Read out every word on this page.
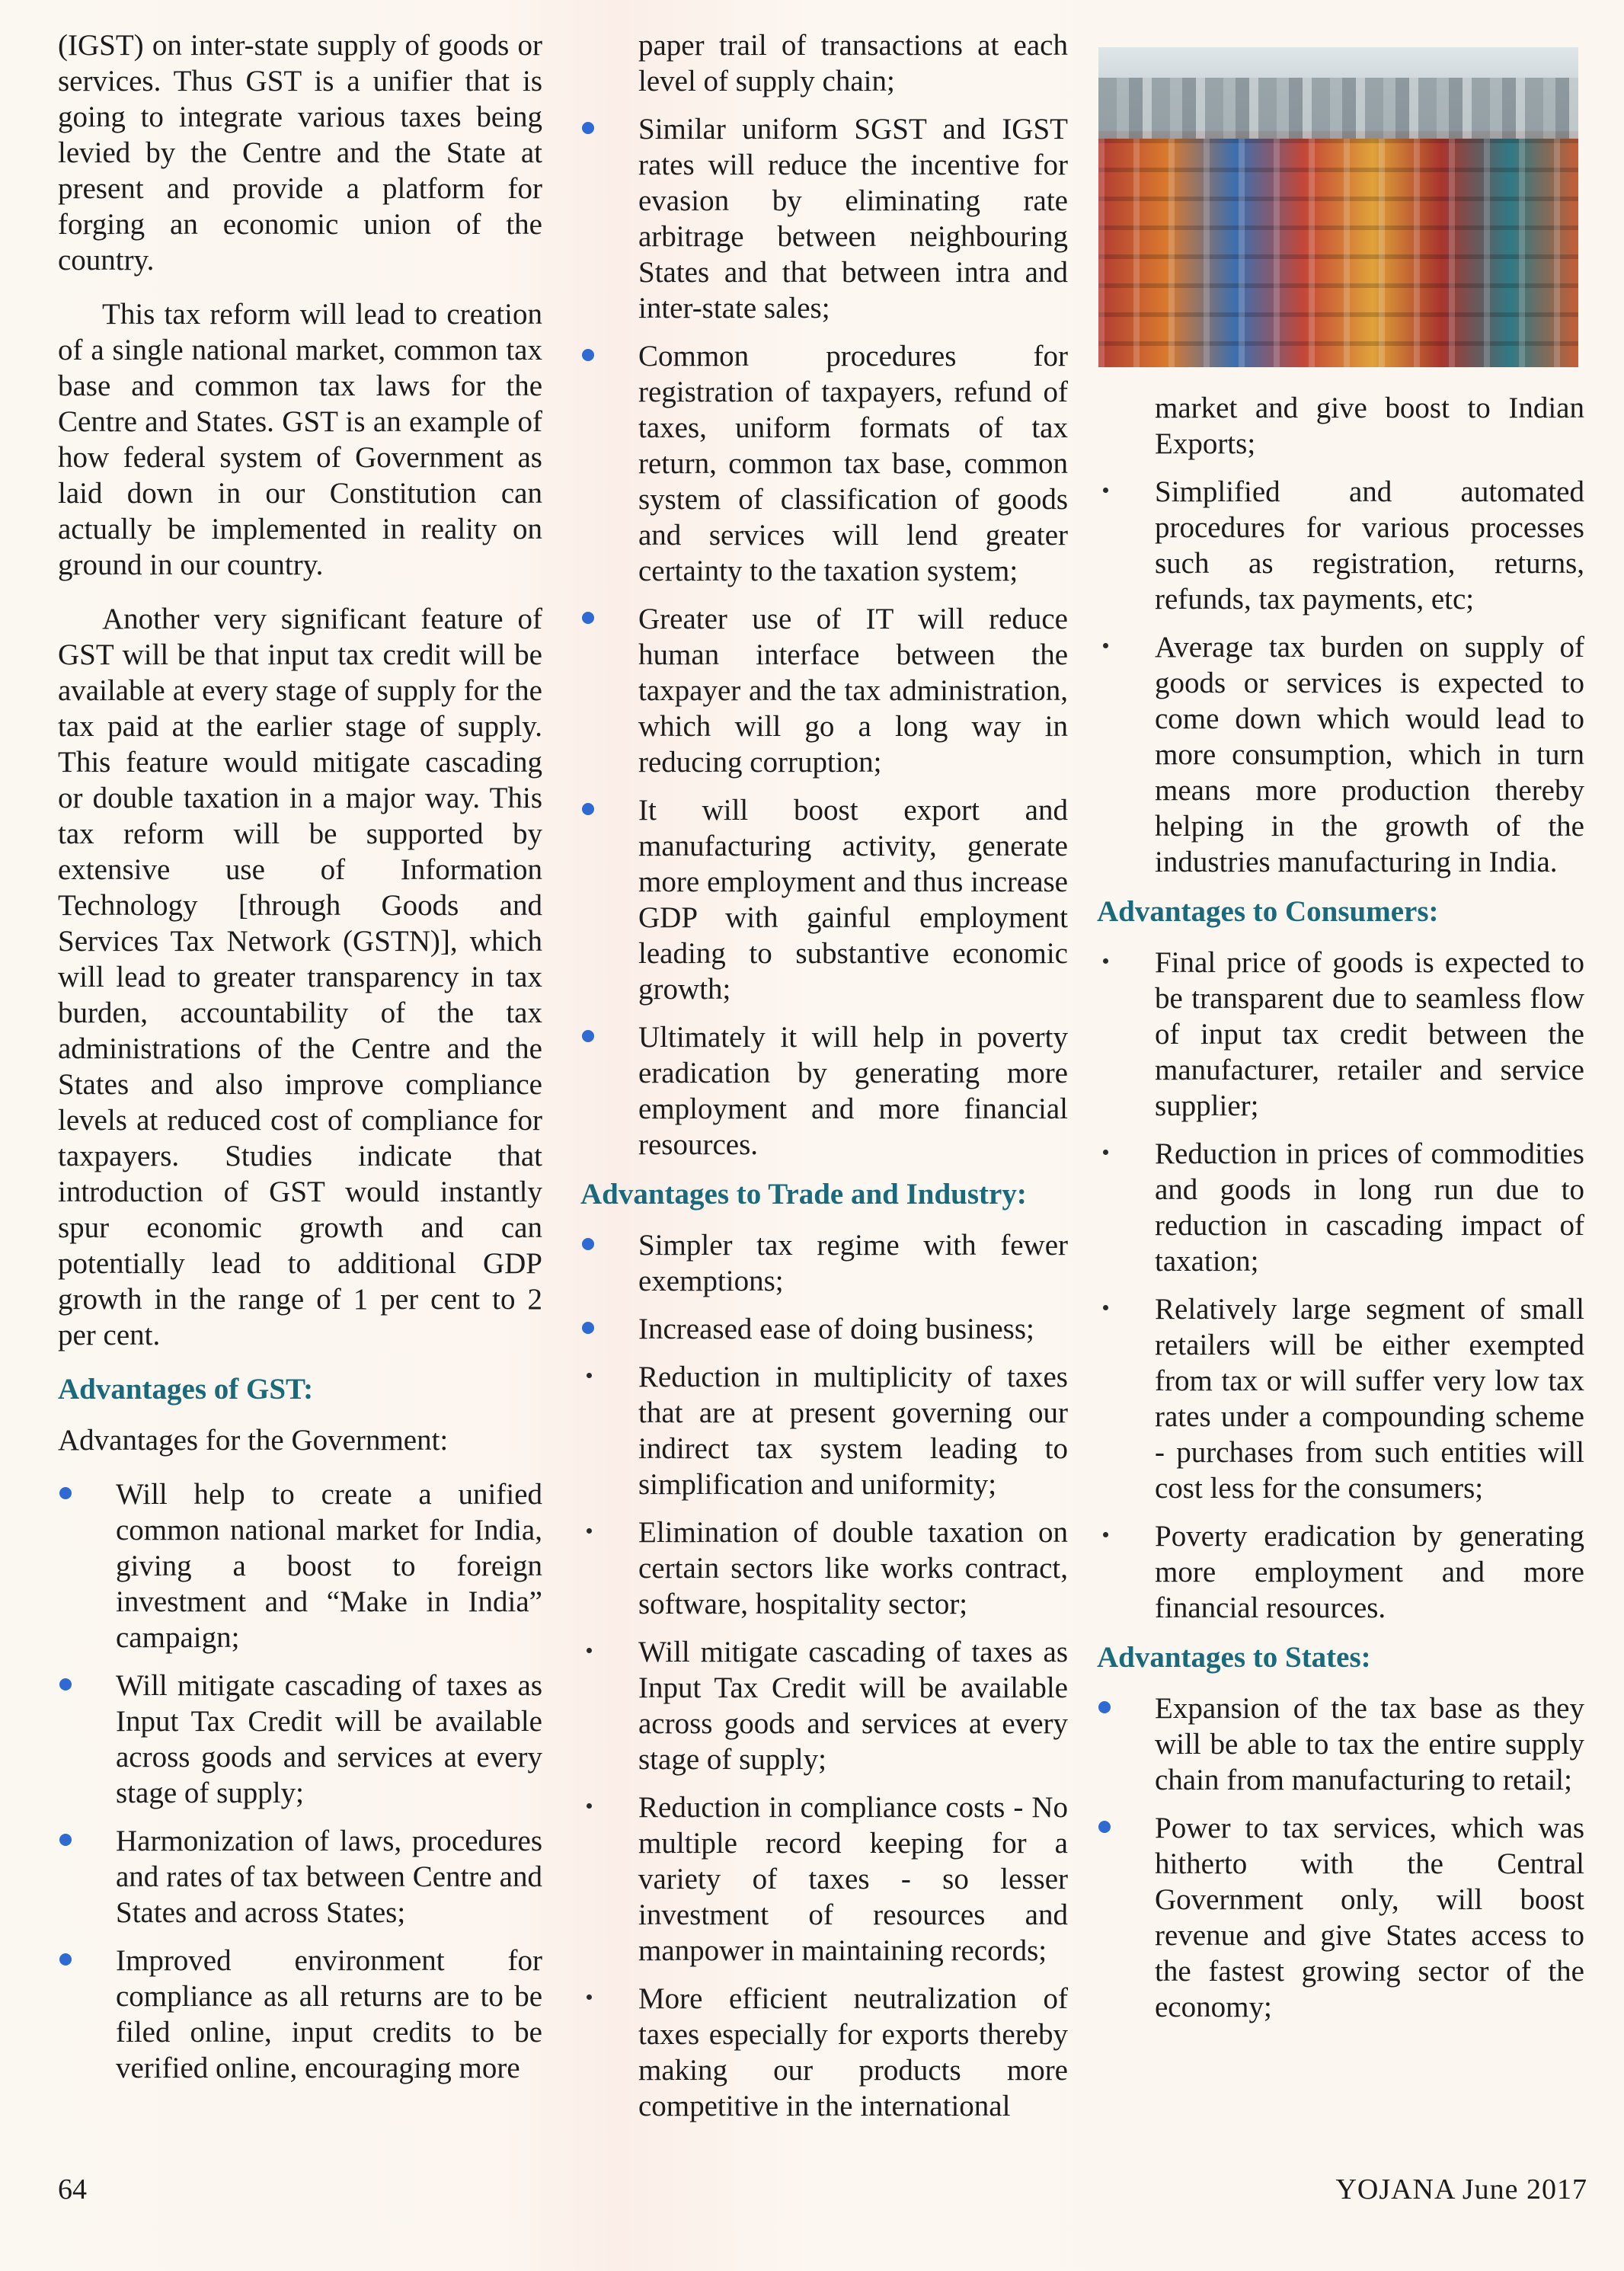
(IGST) on inter-state supply of goods or services. Thus GST is a unifier that is going to integrate various taxes being levied by the Centre and the State at present and provide a platform for forging an economic union of the country.

This tax reform will lead to creation of a single national market, common tax base and common tax laws for the Centre and States. GST is an example of how federal system of Government as laid down in our Constitution can actually be implemented in reality on ground in our country.

Another very significant feature of GST will be that input tax credit will be available at every stage of supply for the tax paid at the earlier stage of supply. This feature would mitigate cascading or double taxation in a major way. This tax reform will be supported by extensive use of Information Technology [through Goods and Services Tax Network (GSTN)], which will lead to greater transparency in tax burden, accountability of the tax administrations of the Centre and the States and also improve compliance levels at reduced cost of compliance for taxpayers. Studies indicate that introduction of GST would instantly spur economic growth and can potentially lead to additional GDP growth in the range of 1 per cent to 2 per cent.

Advantages of GST:
Advantages for the Government:
Will help to create a unified common national market for India, giving a boost to foreign investment and “Make in India” campaign;
Will mitigate cascading of taxes as Input Tax Credit will be available across goods and services at every stage of supply;
Harmonization of laws, procedures and rates of tax between Centre and States and across States;
Improved environment for compliance as all returns are to be filed online, input credits to be verified online, encouraging more
paper trail of transactions at each level of supply chain;
Similar uniform SGST and IGST rates will reduce the incentive for evasion by eliminating rate arbitrage between neighbouring States and that between intra and inter-state sales;
Common procedures for registration of taxpayers, refund of taxes, uniform formats of tax return, common tax base, common system of classification of goods and services will lend greater certainty to the taxation system;
Greater use of IT will reduce human interface between the taxpayer and the tax administration, which will go a long way in reducing corruption;
It will boost export and manufacturing activity, generate more employment and thus increase GDP with gainful employment leading to substantive economic growth;
Ultimately it will help in poverty eradication by generating more employment and more financial resources.
Advantages to Trade and Industry:
Simpler tax regime with fewer exemptions;
Increased ease of doing business;
Reduction in multiplicity of taxes that are at present governing our indirect tax system leading to simplification and uniformity;
Elimination of double taxation on certain sectors like works contract, software, hospitality sector;
Will mitigate cascading of taxes as Input Tax Credit will be available across goods and services at every stage of supply;
Reduction in compliance costs - No multiple record keeping for a variety of taxes - so lesser investment of resources and manpower in maintaining records;
More efficient neutralization of taxes especially for exports thereby making our products more competitive in the international
market and give boost to Indian Exports;
Simplified and automated procedures for various processes such as registration, returns, refunds, tax payments, etc;
Average tax burden on supply of goods or services is expected to come down which would lead to more consumption, which in turn means more production thereby helping in the growth of the industries manufacturing in India.
Advantages to Consumers:
Final price of goods is expected to be transparent due to seamless flow of input tax credit between the manufacturer, retailer and service supplier;
Reduction in prices of commodities and goods in long run due to reduction in cascading impact of taxation;
Relatively large segment of small retailers will be either exempted from tax or will suffer very low tax rates under a compounding scheme - purchases from such entities will cost less for the consumers;
Poverty eradication by generating more employment and more financial resources.
Advantages to States:
Expansion of the tax base as they will be able to tax the entire supply chain from manufacturing to retail;
Power to tax services, which was hitherto with the Central Government only, will boost revenue and give States access to the fastest growing sector of the economy;
64	YOJANA June 2017
